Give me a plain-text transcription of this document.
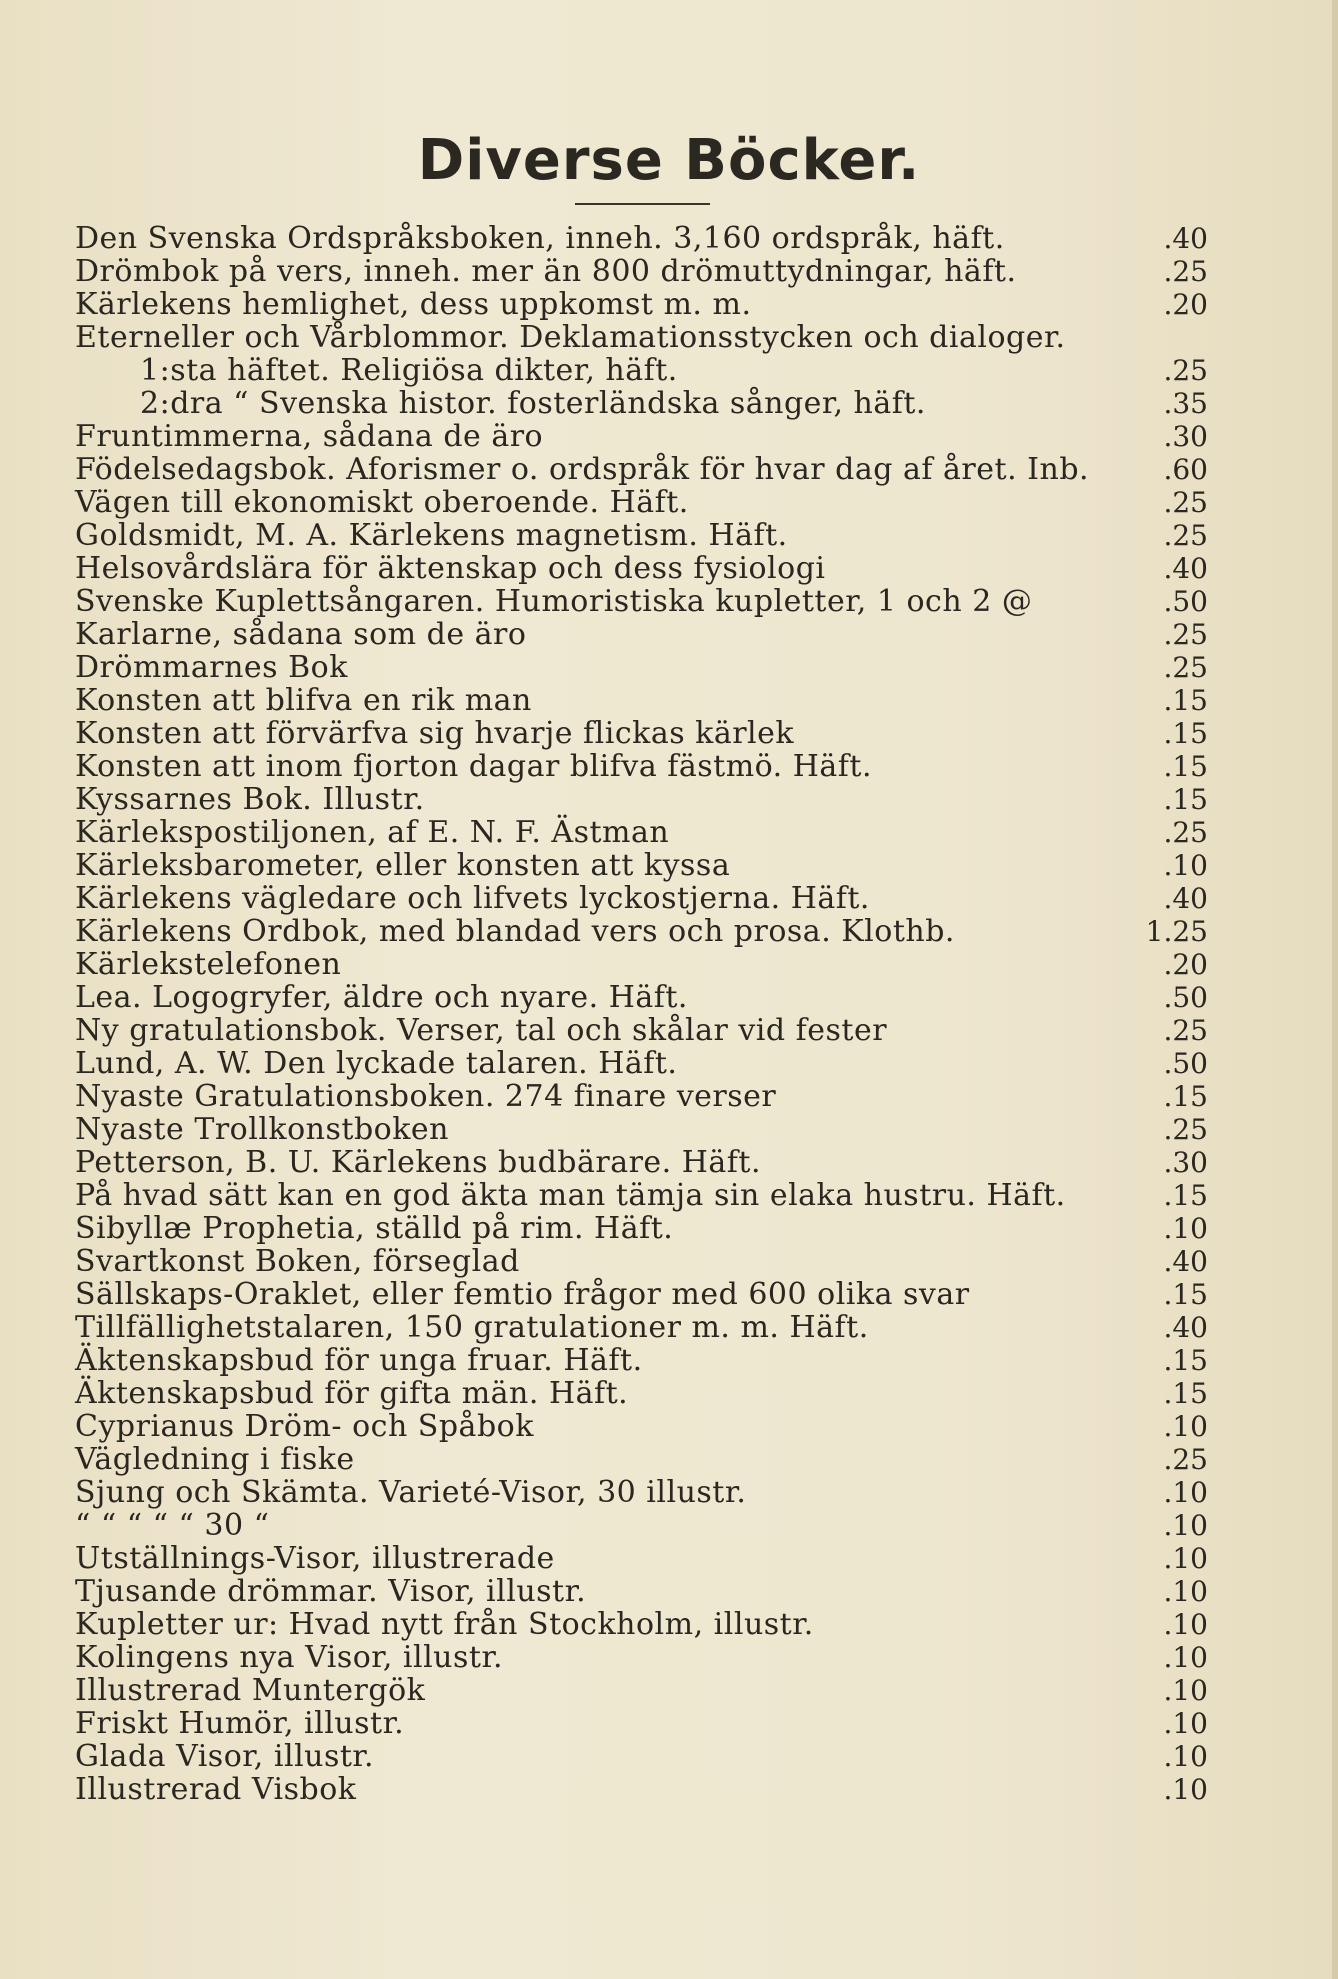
Diverse Böcker.
Den Svenska Ordspråksboken, inneh. 3,160 ordspråk, häft.	.40
Drömbok på vers, inneh. mer än 800 drömuttydningar, häft.	.25
Kärlekens hemlighet, dess uppkomst m. m.	.20
Eterneller och Vårblommor. Deklamationsstycken och dialoger.
1:sta häftet. Religiösa dikter, häft.	.25
2:dra “ Svenska histor. fosterländska sånger, häft.	.35
Fruntimmerna, sådana de äro	.30
Födelsedagsbok. Aforismer o. ordspråk för hvar dag af året. Inb.	.60
Vägen till ekonomiskt oberoende. Häft.	.25
Goldsmidt, M. A. Kärlekens magnetism. Häft.	.25
Helsovårdslära för äktenskap och dess fysiologi	.40
Svenske Kuplettsångaren. Humoristiska kupletter, 1 och 2 @	.50
Karlarne, sådana som de äro	.25
Drömmarnes Bok	.25
Konsten att blifva en rik man	.15
Konsten att förvärfva sig hvarje flickas kärlek	.15
Konsten att inom fjorton dagar blifva fästmö. Häft.	.15
Kyssarnes Bok. Illustr.	.15
Kärlekspostiljonen, af E. N. F. Ästman	.25
Kärleksbarometer, eller konsten att kyssa	.10
Kärlekens vägledare och lifvets lyckostjerna. Häft.	.40
Kärlekens Ordbok, med blandad vers och prosa. Klothb.	1.25
Kärlekstelefonen	.20
Lea. Logogryfer, äldre och nyare. Häft.	.50
Ny gratulationsbok. Verser, tal och skålar vid fester	.25
Lund, A. W. Den lyckade talaren. Häft.	.50
Nyaste Gratulationsboken. 274 finare verser	.15
Nyaste Trollkonstboken	.25
Petterson, B. U. Kärlekens budbärare. Häft.	.30
På hvad sätt kan en god äkta man tämja sin elaka hustru. Häft.	.15
Sibyllæ Prophetia, ställd på rim. Häft.	.10
Svartkonst Boken, förseglad	.40
Sällskaps-Oraklet, eller femtio frågor med 600 olika svar	.15
Tillfällighetstalaren, 150 gratulationer m. m. Häft.	.40
Äktenskapsbud för unga fruar. Häft.	.15
Äktenskapsbud för gifta män. Häft.	.15
Cyprianus Dröm- och Spåbok	.10
Vägledning i fiske	.25
Sjung och Skämta. Varieté-Visor, 30 illustr.	.10
“ “ “ “ “ 30 “	.10
Utställnings-Visor, illustrerade	.10
Tjusande drömmar. Visor, illustr.	.10
Kupletter ur: Hvad nytt från Stockholm, illustr.	.10
Kolingens nya Visor, illustr.	.10
Illustrerad Muntergök	.10
Friskt Humör, illustr.	.10
Glada Visor, illustr.	.10
Illustrerad Visbok	.10
